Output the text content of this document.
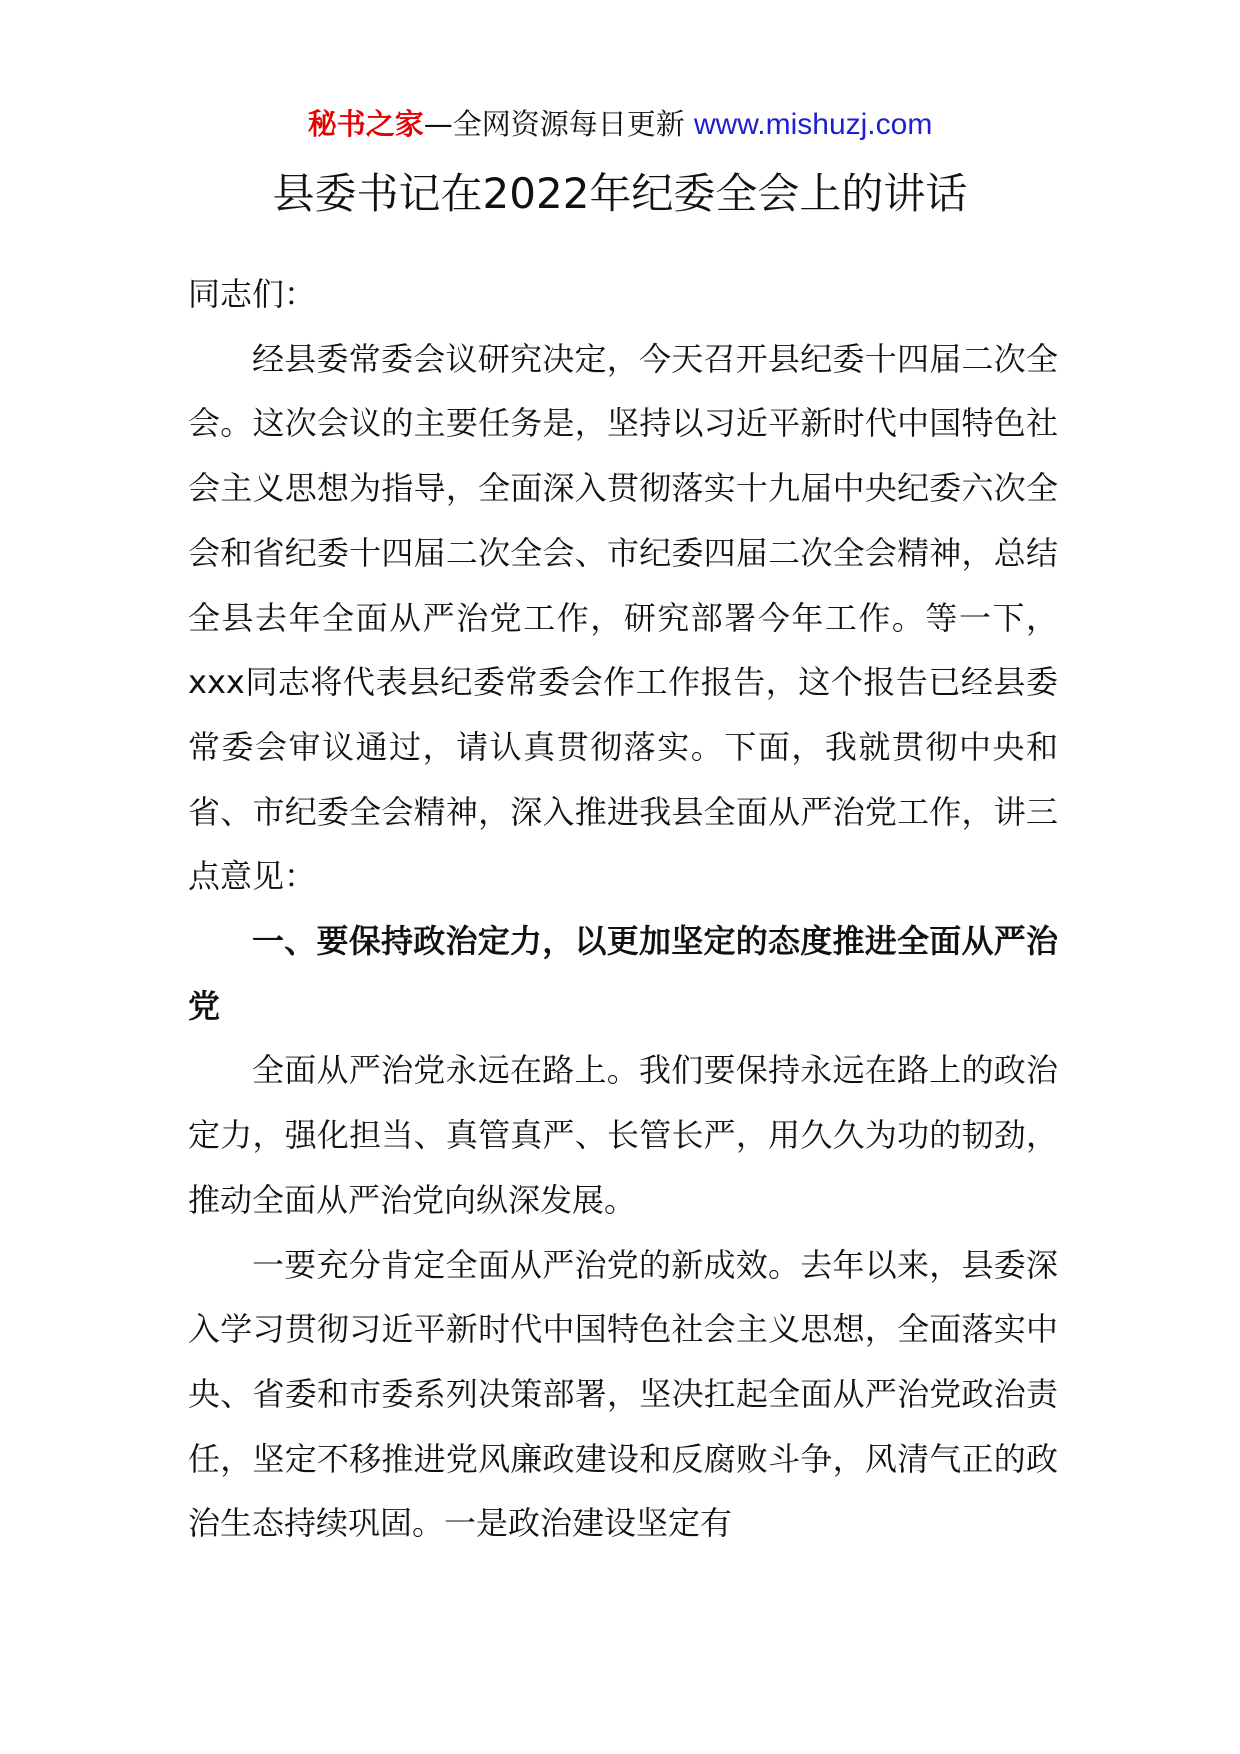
秘书之家—全网资源每日更新 www.mishuzj.com
县委书记在2022年纪委全会上的讲话

同志们：

经县委常委会议研究决定，今天召开县纪委十四届二次全会。这次会议的主要任务是，坚持以习近平新时代中国特色社会主义思想为指导，全面深入贯彻落实十九届中央纪委六次全会和省纪委十四届二次全会、市纪委四届二次全会精神，总结全县去年全面从严治党工作，研究部署今年工作。等一下，xxx同志将代表县纪委常委会作工作报告，这个报告已经县委常委会审议通过，请认真贯彻落实。下面，我就贯彻中央和省、市纪委全会精神，深入推进我县全面从严治党工作，讲三点意见：

一、要保持政治定力，以更加坚定的态度推进全面从严治党

全面从严治党永远在路上。我们要保持永远在路上的政治定力，强化担当、真管真严、长管长严，用久久为功的韧劲，推动全面从严治党向纵深发展。

一要充分肯定全面从严治党的新成效。去年以来，县委深入学习贯彻习近平新时代中国特色社会主义思想，全面落实中央、省委和市委系列决策部署，坚决扛起全面从严治党政治责任，坚定不移推进党风廉政建设和反腐败斗争，风清气正的政治生态持续巩固。一是政治建设坚定有
